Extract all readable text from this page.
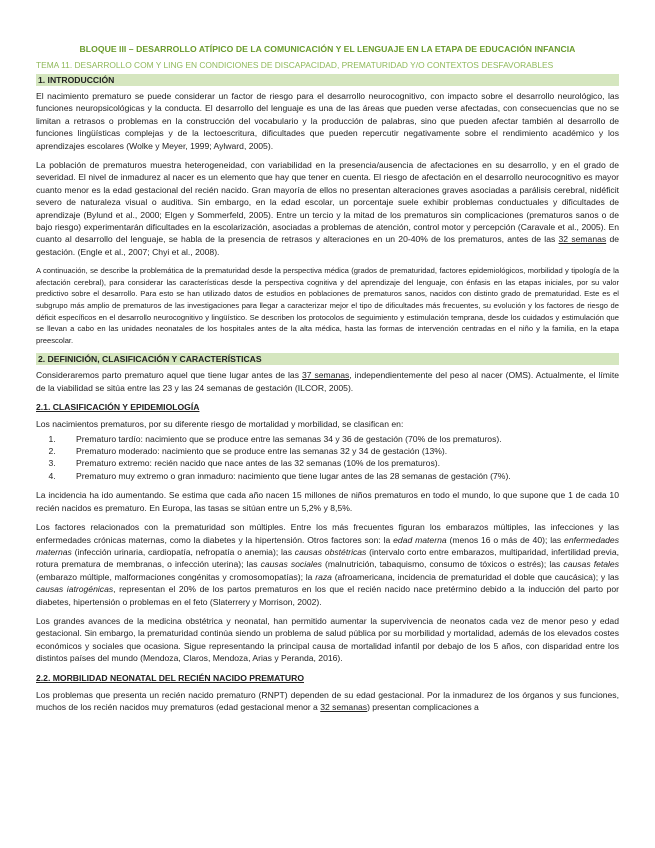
BLOQUE III – DESARROLLO ATÍPICO DE LA COMUNICACIÓN Y EL LENGUAJE EN LA ETAPA DE EDUCACIÓN INFANCIA
TEMA 11. DESARROLLO COM Y LING EN CONDICIONES DE DISCAPACIDAD, PREMATURIDAD Y/O CONTEXTOS DESFAVORABLES
1. INTRODUCCIÓN

El nacimiento prematuro se puede considerar un factor de riesgo para el desarrollo neurocognitivo, con impacto sobre el desarrollo neurológico, las funciones neuropsicológicas y la conducta. El desarrollo del lenguaje es una de las áreas que pueden verse afectadas, con consecuencias que no se limitan a retrasos o problemas en la construcción del vocabulario y la producción de palabras, sino que pueden afectar también al desarrollo de funciones lingüísticas complejas y de la lectoescritura, dificultades que pueden repercutir negativamente sobre el rendimiento académico y los aprendizajes escolares (Wolke y Meyer, 1999; Aylward, 2005).

La población de prematuros muestra heterogeneidad, con variabilidad en la presencia/ausencia de afectaciones en su desarrollo, y en el grado de severidad. El nivel de inmadurez al nacer es un elemento que hay que tener en cuenta. El riesgo de afectación en el desarrollo neurocognitivo es mayor cuanto menor es la edad gestacional del recién nacido. Gran mayoría de ellos no presentan alteraciones graves asociadas a parálisis cerebral, nidéficit severo de naturaleza visual o auditiva. Sin embargo, en la edad escolar, un porcentaje suele exhibir problemas conductuales y dificultades de aprendizaje (Bylund et al., 2000; Elgen y Sommerfeld, 2005). Entre un tercio y la mitad de los prematuros sin complicaciones (prematuros sanos o de bajo riesgo) experimentarán dificultades en la escolarización, asociadas a problemas de atención, control motor y percepción (Caravale et al., 2005). En cuanto al desarrollo del lenguaje, se habla de la presencia de retrasos y alteraciones en un 20-40% de los prematuros, antes de las 32 semanas de gestación. (Engle et al., 2007; Chyi et al., 2008).

A continuación, se describe la problemática de la prematuridad desde la perspectiva médica (grados de prematuridad, factores epidemiológicos, morbilidad y tipología de la afectación cerebral), para considerar las características desde la perspectiva cognitiva y del aprendizaje del lenguaje, con énfasis en las etapas iniciales, por su valor predictivo sobre el desarrollo. Para esto se han utilizado datos de estudios en poblaciones de prematuros sanos, nacidos con distinto grado de prematuridad. Este es el subgrupo más amplio de prematuros de las investigaciones para llegar a caracterizar mejor el tipo de dificultades más frecuentes, su evolución y los factores de riesgo de déficit específicos en el desarrollo neurocognitivo y lingüístico. Se describen los protocolos de seguimiento y estimulación temprana, desde los cuidados y estimulación que se llevan a cabo en las unidades neonatales de los hospitales antes de la alta médica, hasta las formas de intervención centradas en el niño y la familia, en la etapa preescolar.

2. DEFINICIÓN, CLASIFICACIÓN Y CARACTERÍSTICAS

Consideraremos parto prematuro aquel que tiene lugar antes de las 37 semanas, independientemente del peso al nacer (OMS). Actualmente, el límite de la viabilidad se sitúa entre las 23 y las 24 semanas de gestación (ILCOR, 2005).

2.1. CLASIFICACIÓN Y EPIDEMIOLOGÍA

Los nacimientos prematuros, por su diferente riesgo de mortalidad y morbilidad, se clasifican en:

1. Prematuro tardío: nacimiento que se produce entre las semanas 34 y 36 de gestación (70% de los prematuros).
2. Prematuro moderado: nacimiento que se produce entre las semanas 32 y 34 de gestación (13%).
3. Prematuro extremo: recién nacido que nace antes de las 32 semanas (10% de los prematuros).
4. Prematuro muy extremo o gran inmaduro: nacimiento que tiene lugar antes de las 28 semanas de gestación (7%).

La incidencia ha ido aumentando. Se estima que cada año nacen 15 millones de niños prematuros en todo el mundo, lo que supone que 1 de cada 10 recién nacidos es prematuro. En Europa, las tasas se sitúan entre un 5,2% y 8,5%.

Los factores relacionados con la prematuridad son múltiples. Entre los más frecuentes figuran los embarazos múltiples, las infecciones y las enfermedades crónicas maternas, como la diabetes y la hipertensión. Otros factores son: la edad materna (menos 16 o más de 40); las enfermedades maternas (infección urinaria, cardiopatía, nefropatía o anemia); las causas obstétricas (intervalo corto entre embarazos, multiparidad, infertilidad previa, rotura prematura de membranas, o infección uterina); las causas sociales (malnutrición, tabaquismo, consumo de tóxicos o estrés); las causas fetales (embarazo múltiple, malformaciones congénitas y cromosomopatías); la raza (afroamericana, incidencia de prematuridad el doble que caucásica); y las causas iatrogénicas, representan el 20% de los partos prematuros en los que el recién nacido nace pretérmino debido a la inducción del parto por diabetes, hipertensión o problemas en el feto (Slaterrery y Morrison, 2002).

Los grandes avances de la medicina obstétrica y neonatal, han permitido aumentar la supervivencia de neonatos cada vez de menor peso y edad gestacional. Sin embargo, la prematuridad continúa siendo un problema de salud pública por su morbilidad y mortalidad, además de los elevados costes económicos y sociales que ocasiona. Sigue representando la principal causa de mortalidad infantil por debajo de los 5 años, con disparidad entre los distintos países del mundo (Mendoza, Claros, Mendoza, Arias y Peranda, 2016).

2.2. MORBILIDAD NEONATAL DEL RECIÉN NACIDO PREMATURO

Los problemas que presenta un recién nacido prematuro (RNPT) dependen de su edad gestacional. Por la inmadurez de los órganos y sus funciones, muchos de los recién nacidos muy prematuros (edad gestacional menor a 32 semanas) presentan complicaciones a
